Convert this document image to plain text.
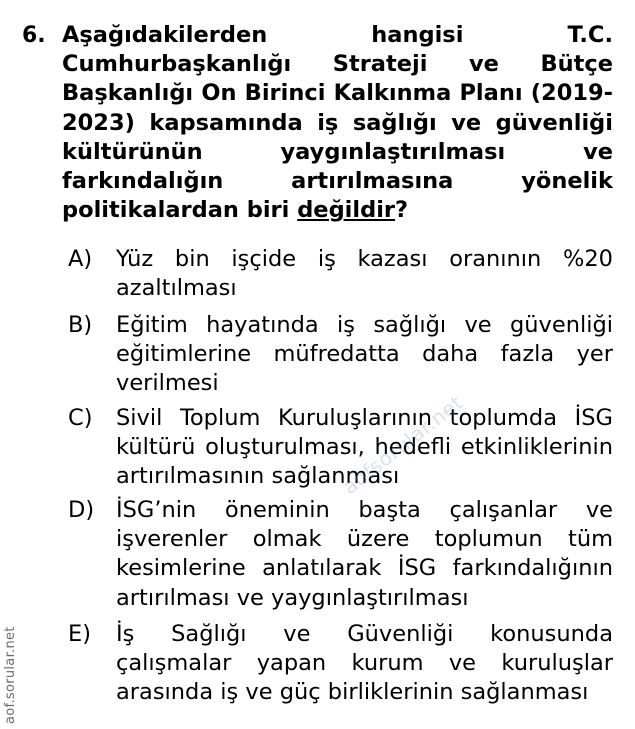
6. Aşağıdakilerden hangisi T.C. Cumhurbaşkanlığı Strateji ve Bütçe Başkanlığı On Birinci Kalkınma Planı (2019-2023) kapsamında iş sağlığı ve güvenliği kültürünün yaygınlaştırılması ve farkındalığın artırılmasına yönelik politikalardan biri değildir?
A) Yüz bin işçide iş kazası oranının %20 azaltılması
B) Eğitim hayatında iş sağlığı ve güvenliği eğitimlerine müfredatta daha fazla yer verilmesi
C) Sivil Toplum Kuruluşlarının toplumda İSG kültürü oluşturulması, hedefli etkinliklerinin artırılmasının sağlanması
D) İSG’nin öneminin başta çalışanlar ve işverenler olmak üzere toplumun tüm kesimlerine anlatılarak İSG farkındalığının artırılması ve yaygınlaştırılması
E) İş Sağlığı ve Güvenliği konusunda çalışmalar yapan kurum ve kuruluşlar arasında iş ve güç birliklerinin sağlanması
aof.sorular.net
aofsorular.net
